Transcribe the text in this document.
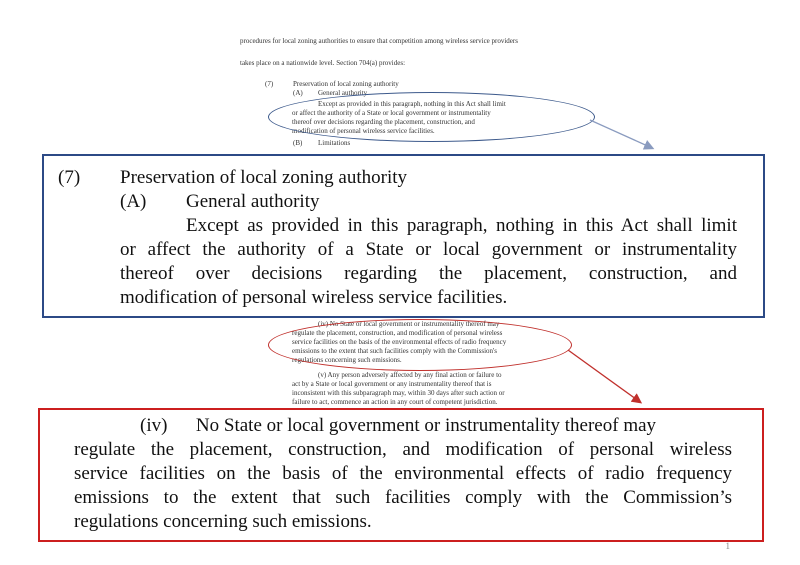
procedures for local zoning authorities to ensure that competition among wireless service providers
takes place on a nationwide level. Section 704(a) provides:
(7)	Preservation of local zoning authority
(A) General authority
Except as provided in this paragraph, nothing in this Act shall limit
or affect the authority of a State or local government or instrumentality
thereof over decisions regarding the placement, construction, and
modification of personal wireless service facilities.
(B) Limitations
(iv) No State or local government or instrumentality thereof may
regulate the placement, construction, and modification of personal wireless
service facilities on the basis of the environmental effects of radio frequency
emissions to the extent that such facilities comply with the Commission's
regulations concerning such emissions.
(v) Any person adversely affected by any final action or failure to
act by a State or local government or any instrumentality thereof that is
inconsistent with this subparagraph may, within 30 days after such action or
failure to act, commence an action in any court of competent jurisdiction.
(7) Preservation of local zoning authority
(A) General authority
Except as provided in this paragraph, nothing in this Act shall limit
or affect the authority of a State or local government or instrumentality
thereof over decisions regarding the placement, construction, and
modification of personal wireless service facilities.
(iv)      No State or local government or instrumentality thereof may
regulate the placement, construction, and modification of personal wireless
service facilities on the basis of the environmental effects of radio frequency
emissions to the extent that such facilities comply with the Commission’s
regulations concerning such emissions.
1
